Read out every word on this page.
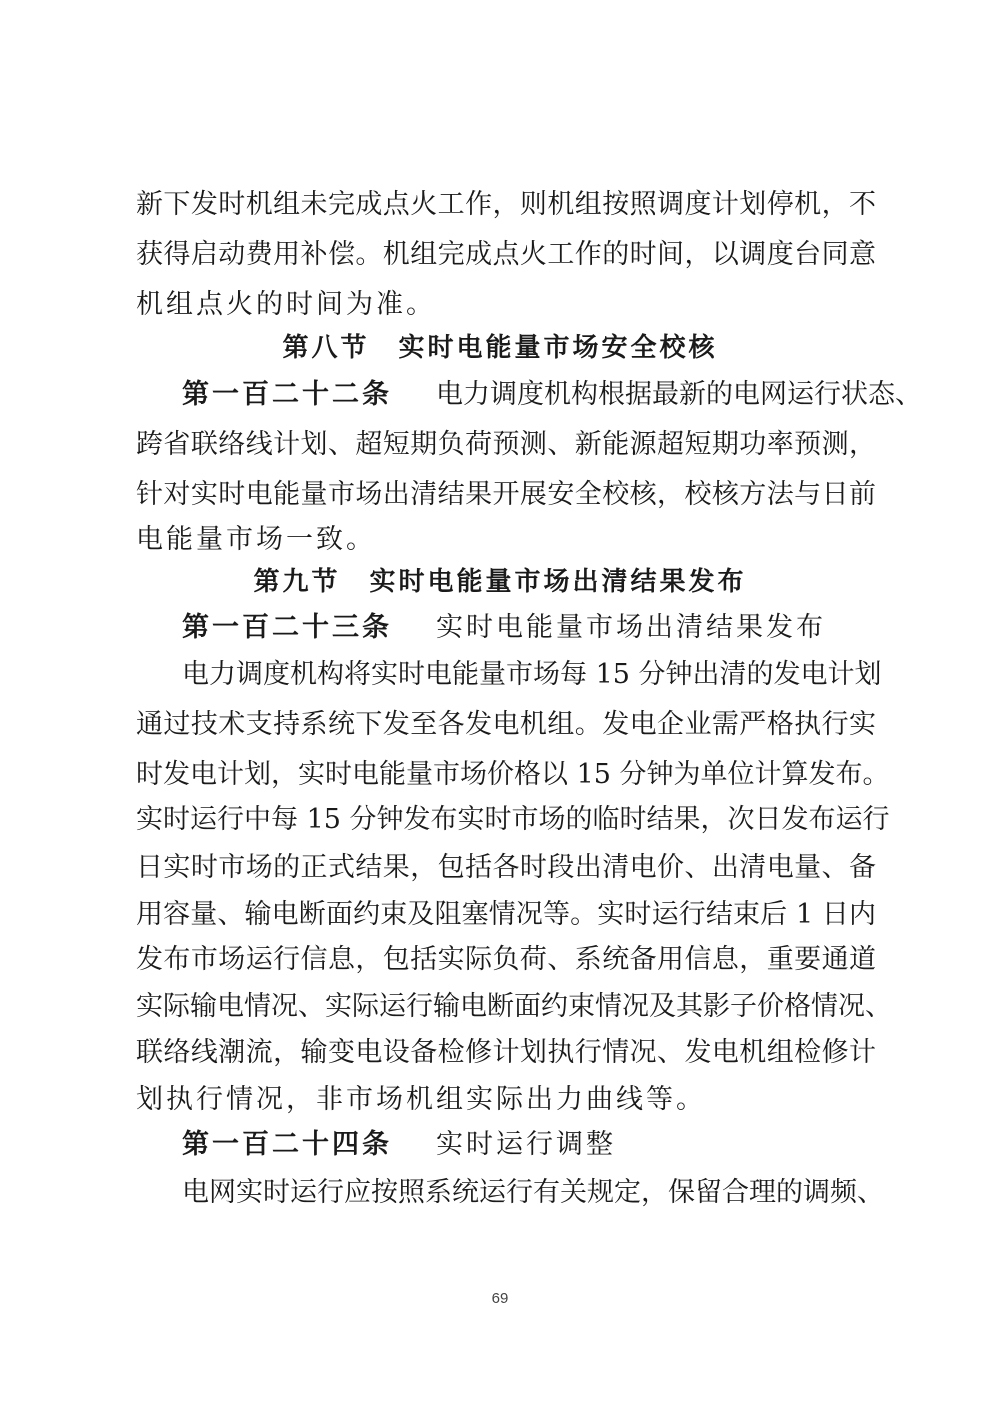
新下发时机组未完成点火工作，则机组按照调度计划停机，不
获得启动费用补偿。机组完成点火工作的时间，以调度台同意
机组点火的时间为准。
第八节　实时电能量市场安全校核
第一百二十二条 电力调度机构根据最新的电网运行状态、
跨省联络线计划、超短期负荷预测、新能源超短期功率预测，
针对实时电能量市场出清结果开展安全校核，校核方法与日前
电能量市场一致。
第九节　实时电能量市场出清结果发布
第一百二十三条 实时电能量市场出清结果发布
电力调度机构将实时电能量市场每 15 分钟出清的发电计划
通过技术支持系统下发至各发电机组。发电企业需严格执行实
时发电计划，实时电能量市场价格以 15 分钟为单位计算发布。
实时运行中每 15 分钟发布实时市场的临时结果，次日发布运行
日实时市场的正式结果，包括各时段出清电价、出清电量、备
用容量、输电断面约束及阻塞情况等。实时运行结束后 1 日内
发布市场运行信息，包括实际负荷、系统备用信息，重要通道
实际输电情况、实际运行输电断面约束情况及其影子价格情况、
联络线潮流，输变电设备检修计划执行情况、发电机组检修计
划执行情况，非市场机组实际出力曲线等。
第一百二十四条 实时运行调整
电网实时运行应按照系统运行有关规定，保留合理的调频、
69
